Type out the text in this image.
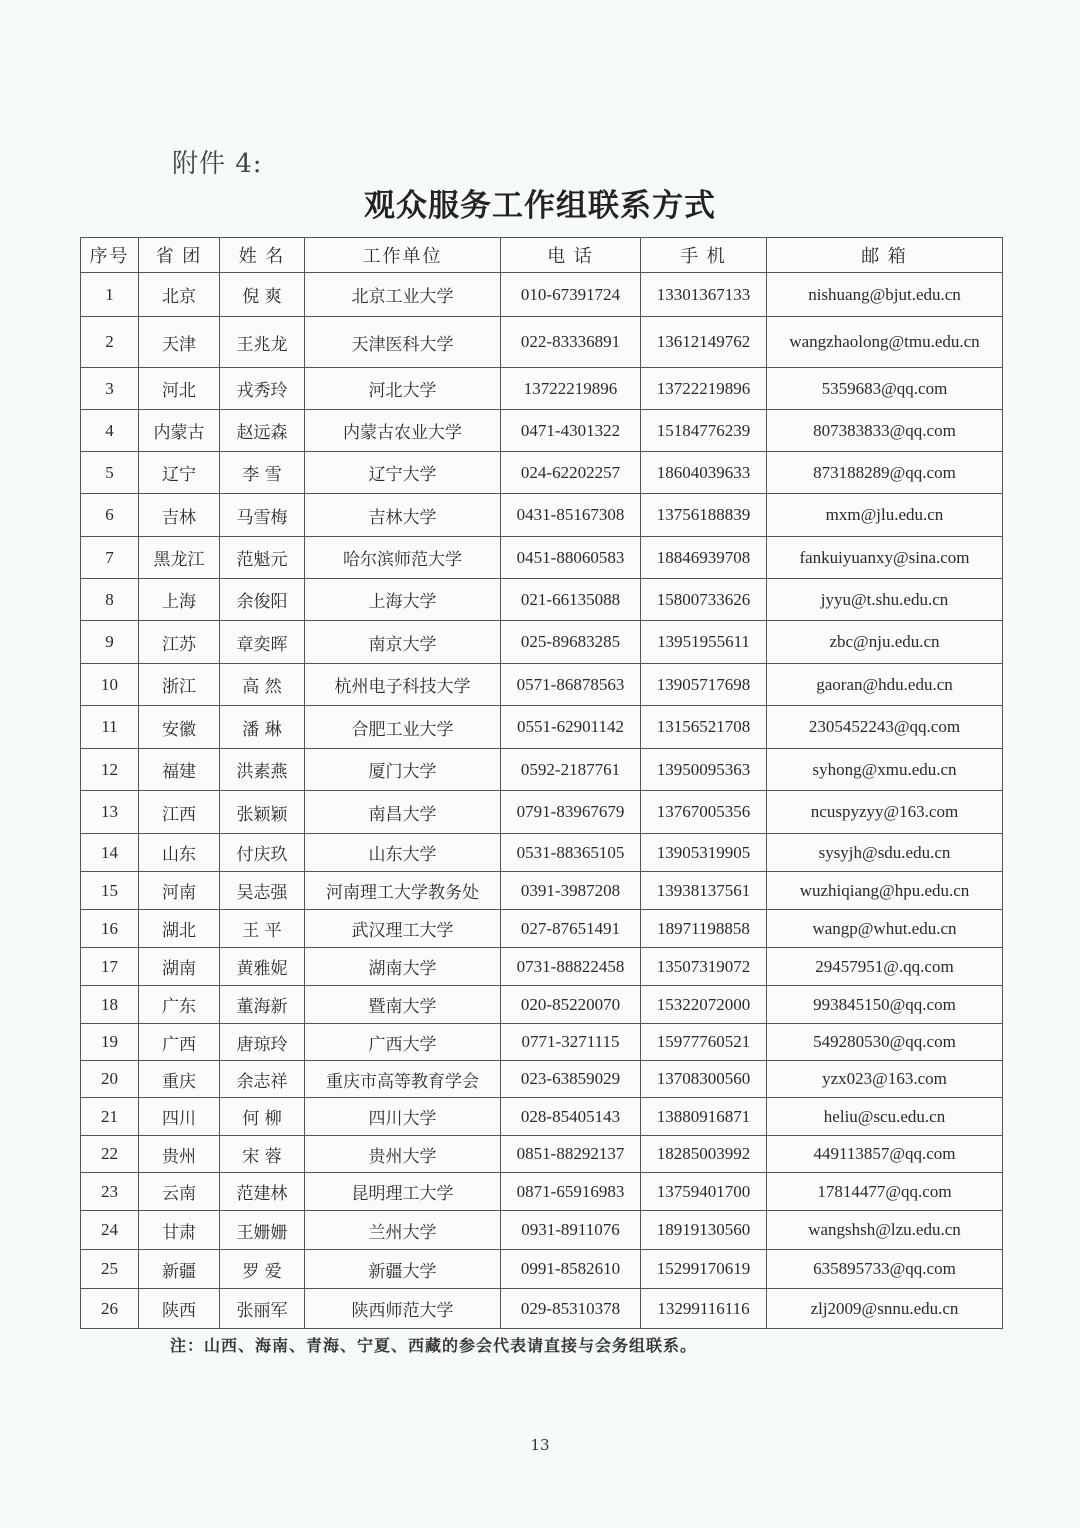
附件 4:
观众服务工作组联系方式
序号	省 团	姓 名	工作单位	电 话	手 机	邮 箱
1	北京	倪 爽	北京工业大学	010-67391724	13301367133	nishuang@bjut.edu.cn
2	天津	王兆龙	天津医科大学	022-83336891	13612149762	wangzhaolong@tmu.edu.cn
3	河北	戎秀玲	河北大学	13722219896	13722219896	5359683@qq.com
4	内蒙古	赵远森	内蒙古农业大学	0471-4301322	15184776239	807383833@qq.com
5	辽宁	李 雪	辽宁大学	024-62202257	18604039633	873188289@qq.com
6	吉林	马雪梅	吉林大学	0431-85167308	13756188839	mxm@jlu.edu.cn
7	黑龙江	范魁元	哈尔滨师范大学	0451-88060583	18846939708	fankuiyuanxy@sina.com
8	上海	余俊阳	上海大学	021-66135088	15800733626	jyyu@t.shu.edu.cn
9	江苏	章奕晖	南京大学	025-89683285	13951955611	zbc@nju.edu.cn
10	浙江	高 然	杭州电子科技大学	0571-86878563	13905717698	gaoran@hdu.edu.cn
11	安徽	潘 琳	合肥工业大学	0551-62901142	13156521708	2305452243@qq.com
12	福建	洪素燕	厦门大学	0592-2187761	13950095363	syhong@xmu.edu.cn
13	江西	张颖颖	南昌大学	0791-83967679	13767005356	ncuspyzyy@163.com
14	山东	付庆玖	山东大学	0531-88365105	13905319905	sysyjh@sdu.edu.cn
15	河南	吴志强	河南理工大学教务处	0391-3987208	13938137561	wuzhiqiang@hpu.edu.cn
16	湖北	王 平	武汉理工大学	027-87651491	18971198858	wangp@whut.edu.cn
17	湖南	黄雅妮	湖南大学	0731-88822458	13507319072	29457951@.qq.com
18	广东	董海新	暨南大学	020-85220070	15322072000	993845150@qq.com
19	广西	唐琼玲	广西大学	0771-3271115	15977760521	549280530@qq.com
20	重庆	余志祥	重庆市高等教育学会	023-63859029	13708300560	yzx023@163.com
21	四川	何 柳	四川大学	028-85405143	13880916871	heliu@scu.edu.cn
22	贵州	宋 蓉	贵州大学	0851-88292137	18285003992	449113857@qq.com
23	云南	范建林	昆明理工大学	0871-65916983	13759401700	17814477@qq.com
24	甘肃	王姗姗	兰州大学	0931-8911076	18919130560	wangshsh@lzu.edu.cn
25	新疆	罗 爱	新疆大学	0991-8582610	15299170619	635895733@qq.com
26	陕西	张丽军	陕西师范大学	029-85310378	13299116116	zlj2009@snnu.edu.cn
注：山西、海南、青海、宁夏、西藏的参会代表请直接与会务组联系。
13
